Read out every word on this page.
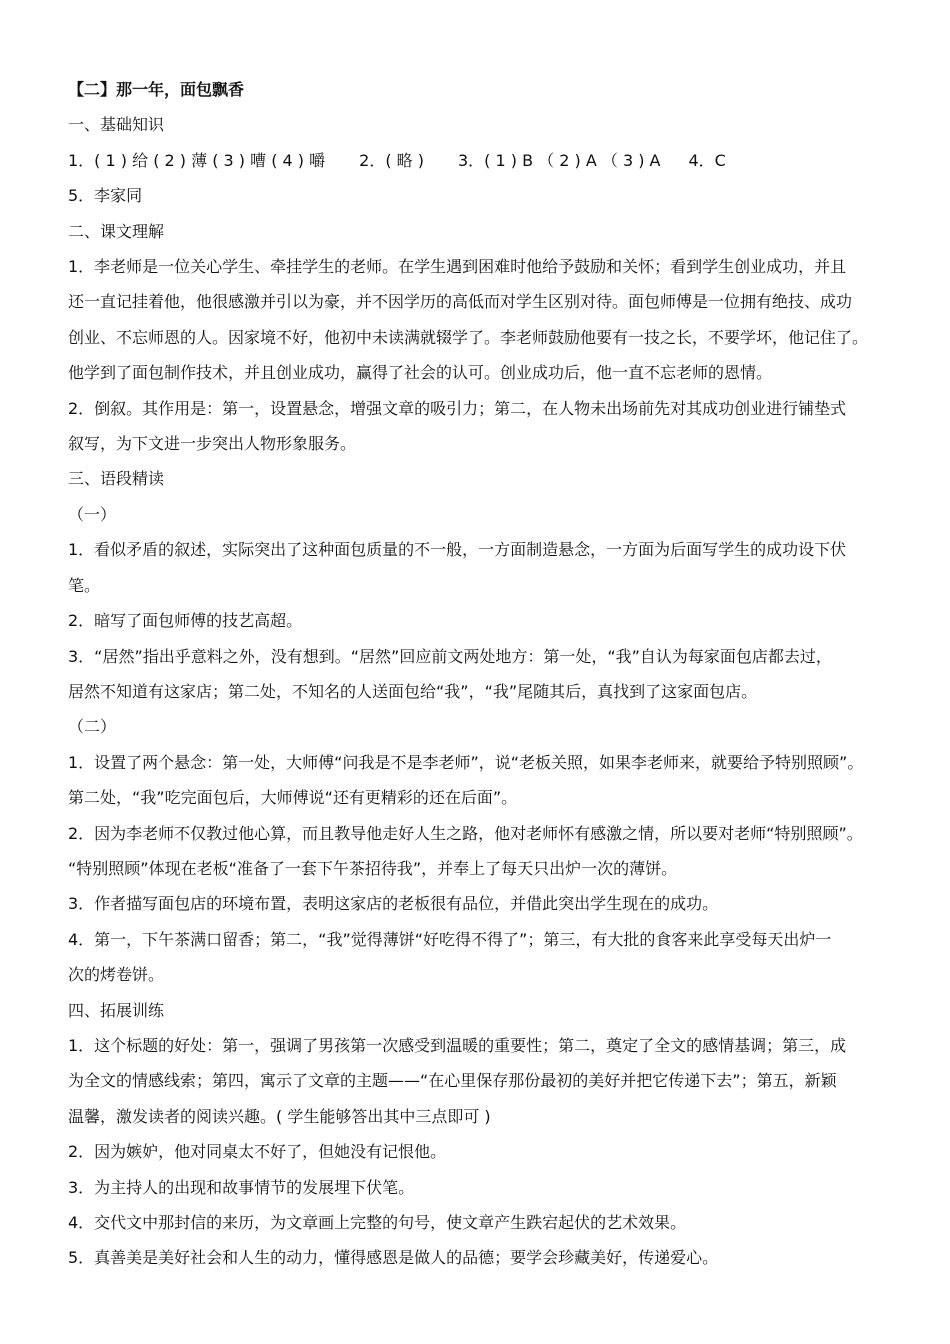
【二】那一年，面包飘香

一、基础知识

1．( 1 ) 给 ( 2 ) 薄 ( 3 ) 嘈 ( 4 ) 嚼 2．( 略 ) 3．( 1 ) B （ 2 ) A （ 3 ) A 4．C

5．李家同

二、课文理解

1．李老师是一位关心学生、牵挂学生的老师。在学生遇到困难时他给予鼓励和关怀；看到学生创业成功，并且

还一直记挂着他，他很感激并引以为豪，并不因学历的高低而对学生区别对待。面包师傅是一位拥有绝技、成功

创业、不忘师恩的人。因家境不好，他初中未读满就辍学了。李老师鼓励他要有一技之长，不要学坏，他记住了。

他学到了面包制作技术，并且创业成功，赢得了社会的认可。创业成功后，他一直不忘老师的恩情。

2．倒叙。其作用是：第一，设置悬念，增强文章的吸引力；第二，在人物未出场前先对其成功创业进行铺垫式

叙写，为下文进一步突出人物形象服务。

三、语段精读

（一）

1．看似矛盾的叙述，实际突出了这种面包质量的不一般，一方面制造悬念，一方面为后面写学生的成功设下伏

笔。

2．暗写了面包师傅的技艺高超。

3．“居然”指出乎意料之外，没有想到。“居然”回应前文两处地方：第一处，“我”自认为每家面包店都去过，

居然不知道有这家店；第二处，不知名的人送面包给“我”，“我”尾随其后，真找到了这家面包店。

（二）

1．设置了两个悬念：第一处，大师傅“问我是不是李老师”，说“老板关照，如果李老师来，就要给予特别照顾”。

第二处，“我”吃完面包后，大师傅说“还有更精彩的还在后面”。

2．因为李老师不仅教过他心算，而且教导他走好人生之路，他对老师怀有感激之情，所以要对老师“特别照顾”。

“特别照顾”体现在老板“准备了一套下午茶招待我”，并奉上了每天只出炉一次的薄饼。

3．作者描写面包店的环境布置，表明这家店的老板很有品位，并借此突出学生现在的成功。

4．第一，下午茶满口留香；第二，“我”觉得薄饼“好吃得不得了”；第三，有大批的食客来此享受每天出炉一

次的烤卷饼。

四、拓展训练

1．这个标题的好处：第一，强调了男孩第一次感受到温暖的重要性；第二，奠定了全文的感情基调；第三，成

为全文的情感线索；第四，寓示了文章的主题——“在心里保存那份最初的美好并把它传递下去”；第五，新颖

温馨，激发读者的阅读兴趣。( 学生能够答出其中三点即可 )

2．因为嫉妒，他对同桌太不好了，但她没有记恨他。

3．为主持人的出现和故事情节的发展埋下伏笔。

4．交代文中那封信的来历，为文章画上完整的句号，使文章产生跌宕起伏的艺术效果。

5．真善美是美好社会和人生的动力，懂得感恩是做人的品德；要学会珍藏美好，传递爱心。
